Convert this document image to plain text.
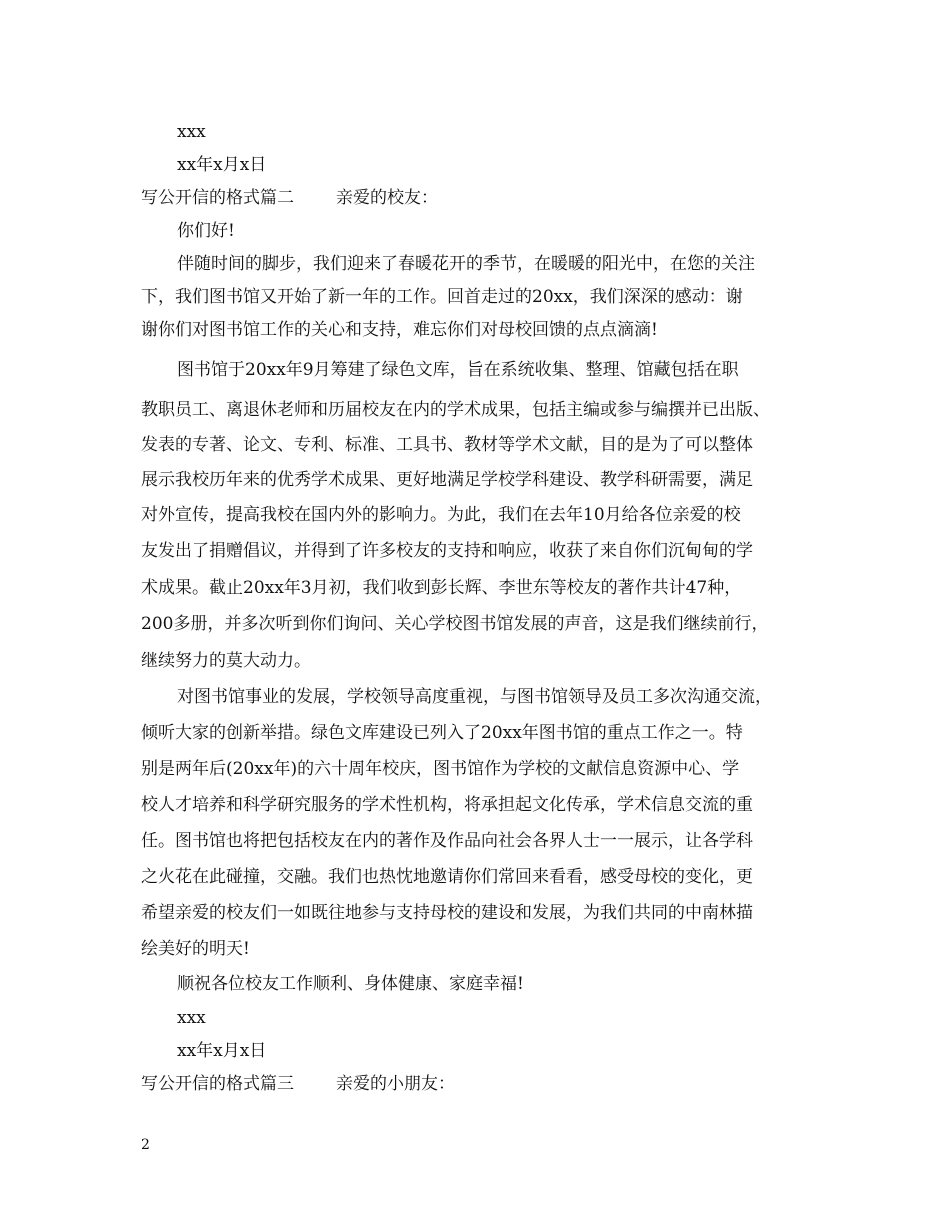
xxx
xx年x月x日
写公开信的格式篇二 亲爱的校友：
你们好!
伴随时间的脚步，我们迎来了春暖花开的季节，在暖暖的阳光中，在您的关注
下，我们图书馆又开始了新一年的工作。回首走过的20xx，我们深深的感动：谢
谢你们对图书馆工作的关心和支持，难忘你们对母校回馈的点点滴滴!
图书馆于20xx年9月筹建了绿色文库，旨在系统收集、整理、馆藏包括在职
教职员工、离退休老师和历届校友在内的学术成果，包括主编或参与编撰并已出版、
发表的专著、论文、专利、标准、工具书、教材等学术文献，目的是为了可以整体
展示我校历年来的优秀学术成果、更好地满足学校学科建设、教学科研需要，满足
对外宣传，提高我校在国内外的影响力。为此，我们在去年10月给各位亲爱的校
友发出了捐赠倡议，并得到了许多校友的支持和响应，收获了来自你们沉甸甸的学
术成果。截止20xx年3月初，我们收到彭长辉、李世东等校友的著作共计47种，
200多册，并多次听到你们询问、关心学校图书馆发展的声音，这是我们继续前行，
继续努力的莫大动力。
对图书馆事业的发展，学校领导高度重视，与图书馆领导及员工多次沟通交流，
倾听大家的创新举措。绿色文库建设已列入了20xx年图书馆的重点工作之一。特
别是两年后(20xx年)的六十周年校庆，图书馆作为学校的文献信息资源中心、学
校人才培养和科学研究服务的学术性机构，将承担起文化传承，学术信息交流的重
任。图书馆也将把包括校友在内的著作及作品向社会各界人士一一展示，让各学科
之火花在此碰撞，交融。我们也热忱地邀请你们常回来看看，感受母校的变化，更
希望亲爱的校友们一如既往地参与支持母校的建设和发展，为我们共同的中南林描
绘美好的明天!
顺祝各位校友工作顺利、身体健康、家庭幸福!
xxx
xx年x月x日
写公开信的格式篇三 亲爱的小朋友：
2
